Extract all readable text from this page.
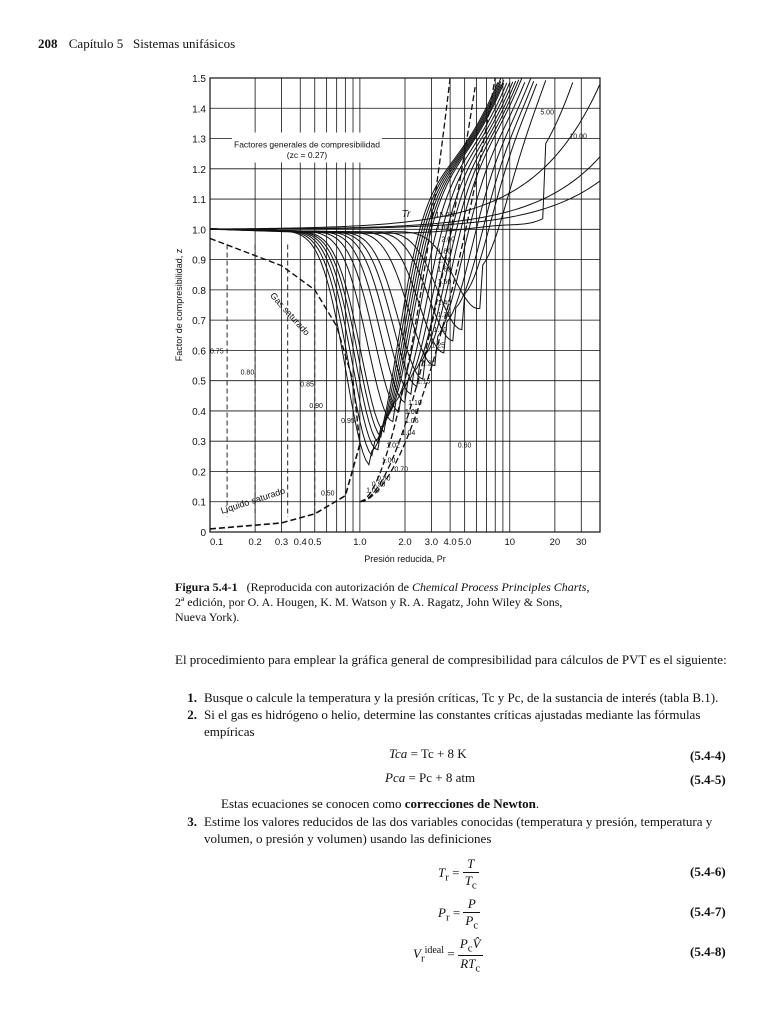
208 Capítulo 5 Sistemas unifásicos
0
0.1
0.2
0.3
0.4
0.5
0.6
0.7
0.8
0.9
1.0
1.1
1.2
1.3
1.4
1.5
0.1	0.2 0.3 0.4 0.5	1.0	2.0 3.0 4.0 5.0	10	20 30
Presión reducida, Pr
Factor de compresibilidad, z
Factores generales de compresibilidad
(zc = 0.27)
Tr
Gas saturado
Líquido saturado
15.00
10.00
5.00
3.00
2.00
1.80
1.70
1.60
1.50
1.40
1.35
1.30
1.25
1.20
1.15
1.10
1.08
1.06
1.04
1.02
1.00
0.95
0.90
0.85
0.80
0.75
0.50
0.60
0.70
0.80
0.90
1.00
Figura 5.4-1 (Reproducida con autorización de Chemical Process Principles Charts, 2ª edición, por O. A. Hougen, K. M. Watson y R. A. Ragatz, John Wiley & Sons, Nueva York).
El procedimiento para emplear la gráfica general de compresibilidad para cálculos de PVT es el siguiente:
1. Busque o calcule la temperatura y la presión críticas, Tc y Pc, de la sustancia de interés (tabla B.1).
2. Si el gas es hidrógeno o helio, determine las constantes críticas ajustadas mediante las fórmulas empíricas
Tca = Tc + 8 K	(5.4-4)
Pca = Pc + 8 atm	(5.4-5)
Estas ecuaciones se conocen como correcciones de Newton.
3. Estime los valores reducidos de las dos variables conocidas (temperatura y presión, temperatura y volumen, o presión y volumen) usando las definiciones
$T_r = \frac{T}{T_c}$	(5.4-6)
$P_r = \frac{P}{P_c}$	(5.4-7)
$V_r^{ideal} = \frac{P_cV̂}{RT_c}$	(5.4-8)
